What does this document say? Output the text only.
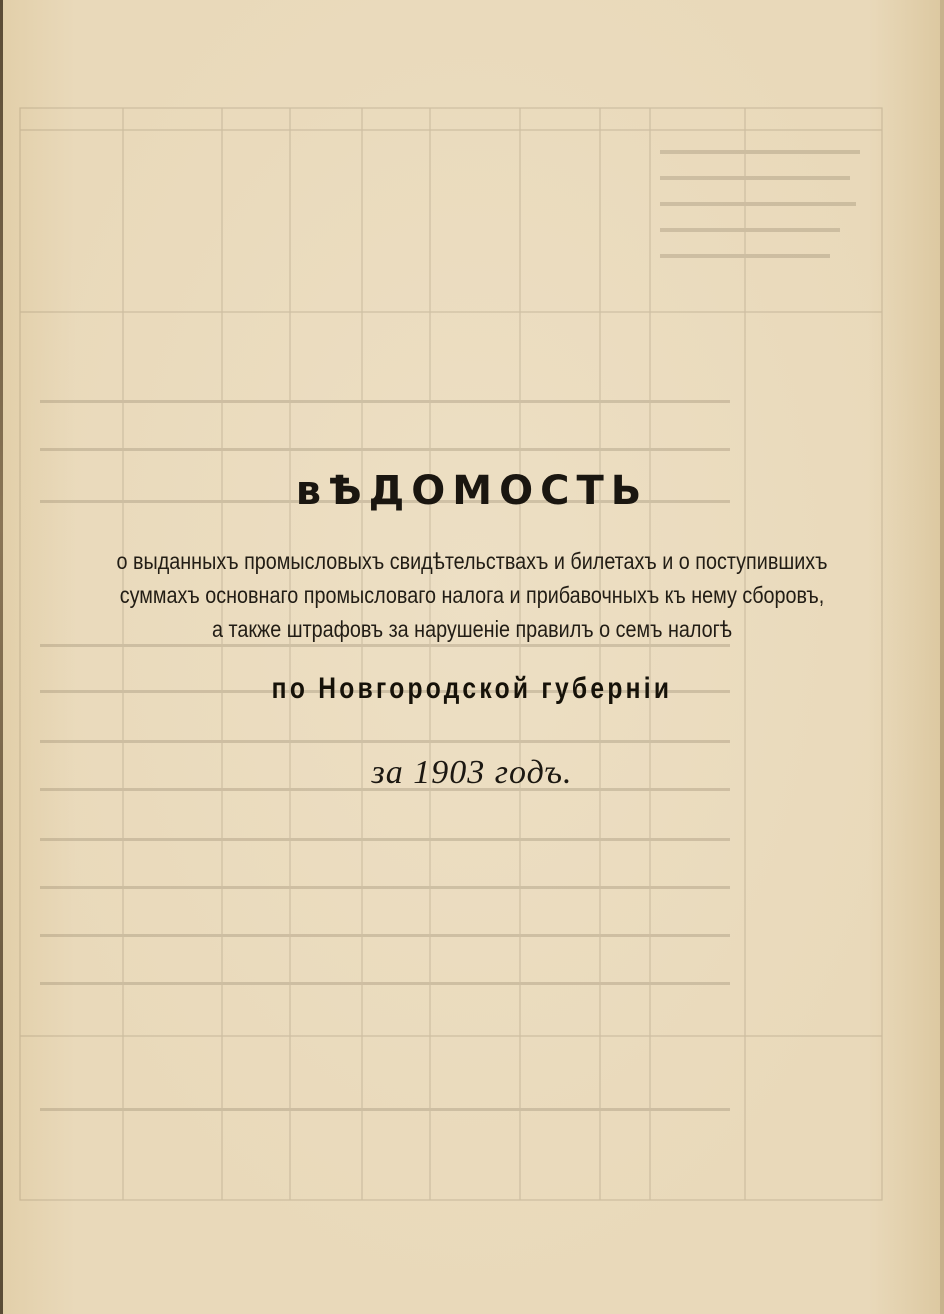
вѢДОМОСТЬ
о выданныхъ промысловыхъ свидѣтельствахъ и билетахъ и о поступившихъ
суммахъ основнаго промысловаго налога и прибавочныхъ къ нему сборовъ,
а также штрафовъ за нарушеніе правилъ о семъ налогѣ
по Новгородской губерніи
за 1903 годъ.
